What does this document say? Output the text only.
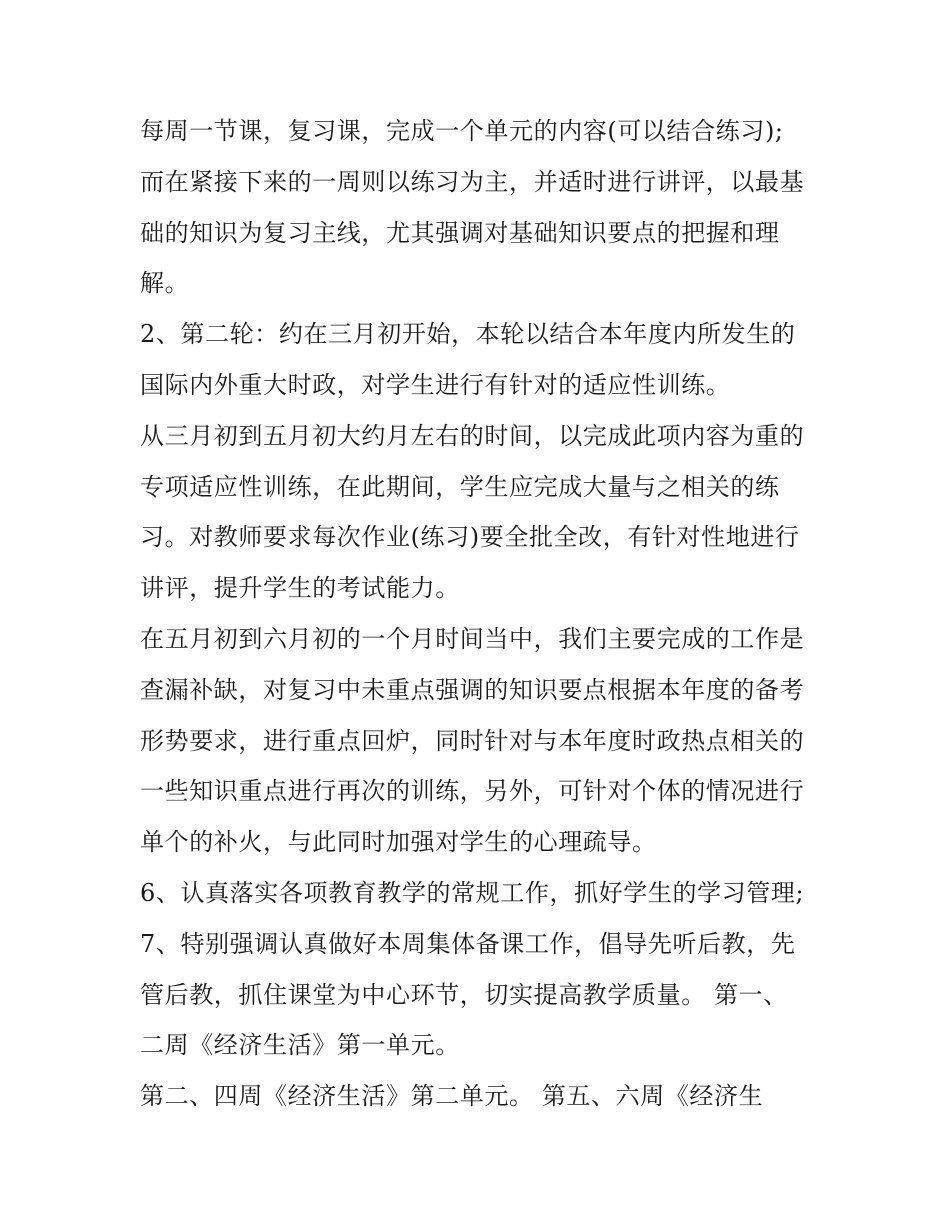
每周一节课，复习课，完成一个单元的内容(可以结合练习);
而在紧接下来的一周则以练习为主，并适时进行讲评，以最基
础的知识为复习主线，尤其强调对基础知识要点的把握和理
解。
2、第二轮：约在三月初开始，本轮以结合本年度内所发生的
国际内外重大时政，对学生进行有针对的适应性训练。
从三月初到五月初大约月左右的时间，以完成此项内容为重的
专项适应性训练，在此期间，学生应完成大量与之相关的练
习。对教师要求每次作业(练习)要全批全改，有针对性地进行
讲评，提升学生的考试能力。
在五月初到六月初的一个月时间当中，我们主要完成的工作是
查漏补缺，对复习中未重点强调的知识要点根据本年度的备考
形势要求，进行重点回炉，同时针对与本年度时政热点相关的
一些知识重点进行再次的训练，另外，可针对个体的情况进行
单个的补火，与此同时加强对学生的心理疏导。
6、认真落实各项教育教学的常规工作，抓好学生的学习管理;
7、特别强调认真做好本周集体备课工作，倡导先听后教，先
管后教，抓住课堂为中心环节，切实提高教学质量。 第一、
二周《经济生活》第一单元。
第二、四周《经济生活》第二单元。 第五、六周《经济生
